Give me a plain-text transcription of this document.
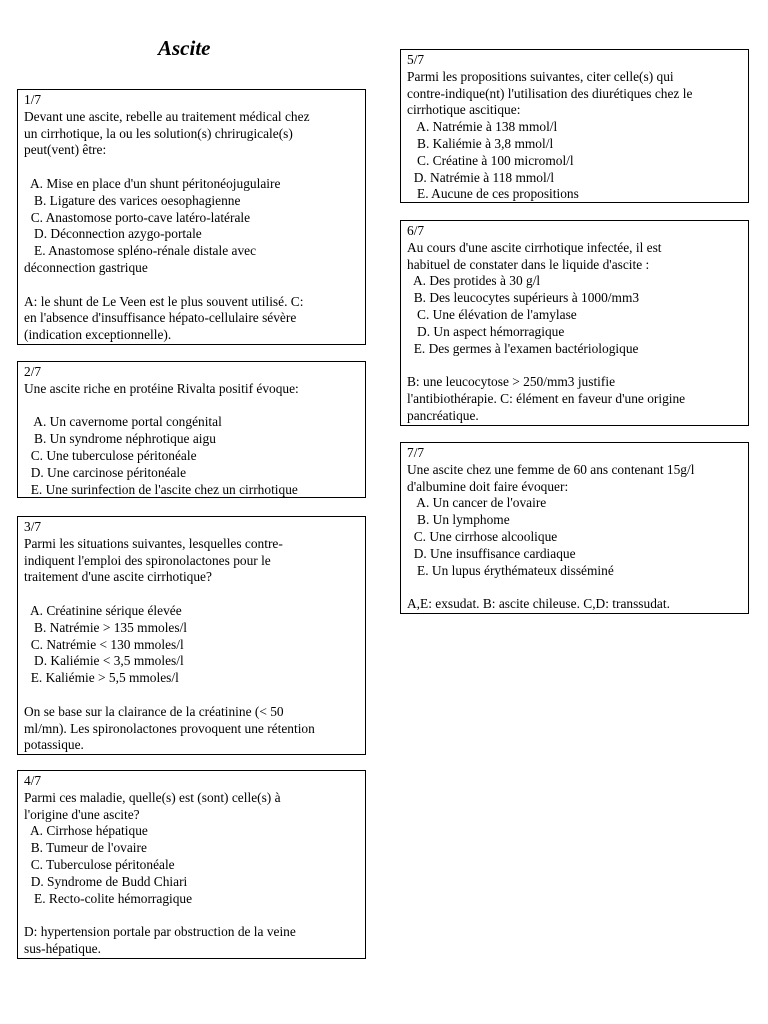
Ascite
1/7
Devant une ascite, rebelle au traitement médical chez
un cirrhotique, la ou les solution(s) chrirugicale(s)
peut(vent) être:
A. Mise en place d'un shunt péritonéojugulaire
B. Ligature des varices oesophagienne
C. Anastomose porto-cave latéro-latérale
D. Déconnection azygo-portale
E. Anastomose spléno-rénale distale avec
déconnection gastrique
A: le shunt de Le Veen est le plus souvent utilisé. C:
en l'absence d'insuffisance hépato-cellulaire sévère
(indication exceptionnelle).
2/7
Une ascite riche en protéine Rivalta positif évoque:
A. Un cavernome portal congénital
B. Un syndrome néphrotique aigu
C. Une tuberculose péritonéale
D. Une carcinose péritonéale
E. Une surinfection de l'ascite chez un cirrhotique
3/7
Parmi les situations suivantes, lesquelles contre-
indiquent l'emploi des spironolactones pour le
traitement d'une ascite cirrhotique?
A. Créatinine sérique élevée
B. Natrémie > 135 mmoles/l
C. Natrémie < 130 mmoles/l
D. Kaliémie < 3,5 mmoles/l
E. Kaliémie > 5,5 mmoles/l
On se base sur la clairance de la créatinine (< 50
ml/mn). Les spironolactones provoquent une rétention
potassique.
4/7
Parmi ces maladie, quelle(s) est (sont) celle(s) à
l'origine d'une ascite?
A. Cirrhose hépatique
B. Tumeur de l'ovaire
C. Tuberculose péritonéale
D. Syndrome de Budd Chiari
E. Recto-colite hémorragique
D: hypertension portale par obstruction de la veine
sus-hépatique.
5/7
Parmi les propositions suivantes, citer celle(s) qui
contre-indique(nt) l'utilisation des diurétiques chez le
cirrhotique ascitique:
A. Natrémie à 138 mmol/l
B. Kaliémie à 3,8 mmol/l
C. Créatine à 100 micromol/l
D. Natrémie à 118 mmol/l
E. Aucune de ces propositions
6/7
Au cours d'une ascite cirrhotique infectée, il est
habituel de constater dans le liquide d'ascite :
A. Des protides à 30 g/l
B. Des leucocytes supérieurs à 1000/mm3
C. Une élévation de l'amylase
D. Un aspect hémorragique
E. Des germes à l'examen bactériologique
B: une leucocytose > 250/mm3 justifie
l'antibiothérapie. C: élément en faveur d'une origine
pancréatique.
7/7
Une ascite chez une femme de 60 ans contenant 15g/l
d'albumine doit faire évoquer:
A. Un cancer de l'ovaire
B. Un lymphome
C. Une cirrhose alcoolique
D. Une insuffisance cardiaque
E. Un lupus érythémateux disséminé
A,E: exsudat. B: ascite chileuse. C,D: transsudat.
